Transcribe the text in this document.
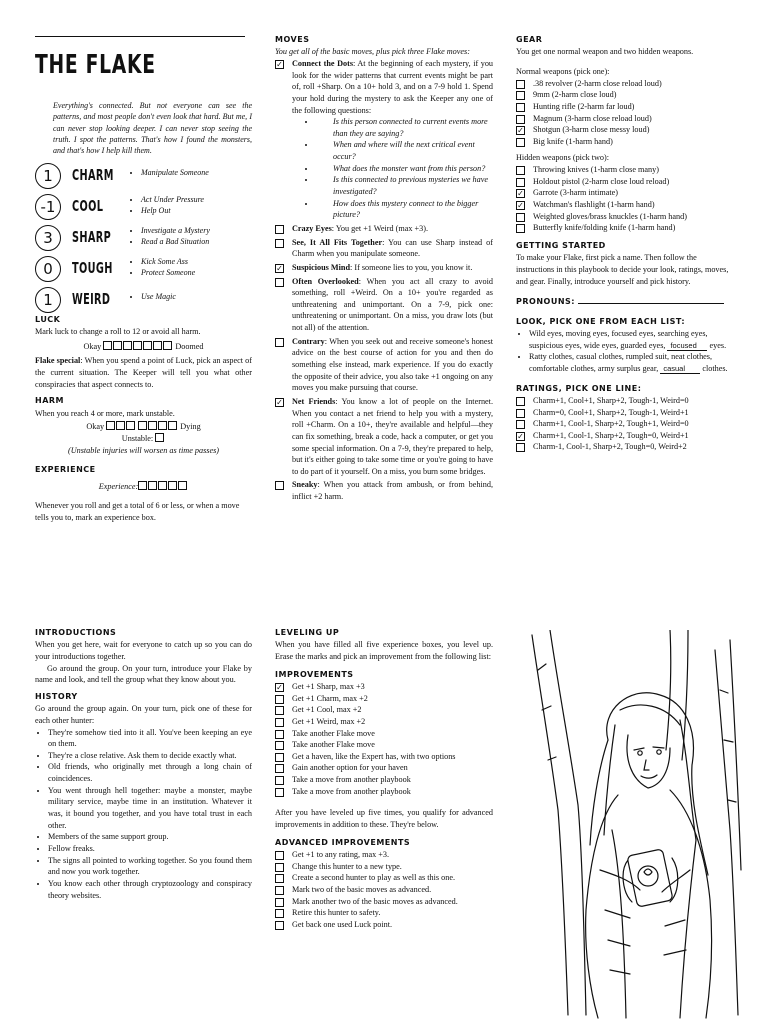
THE FLAKE

Everything's connected. But not everyone can see the patterns, and most people don't even look that hard. But me, I can never stop looking deeper. I can never stop seeing the truth. I spot the patterns. That's how I found the monsters, and that's how I help kill them.

1	CHARM	• Manipulate Someone
-1	COOL	• Act Under Pressure
• Help Out
3	SHARP	• Investigate a Mystery
• Read a Bad Situation
0	TOUGH	• Kick Some Ass
• Protect Someone
1	WEIRD	• Use Magic
LUCK

Mark luck to change a roll to 12 or avoid all harm.

Okay	Doomed

Flake special: When you spend a point of Luck, pick an aspect of the current situation. The Keeper will tell you what other conspiracies that aspect connects to.

HARM

When you reach 4 or more, mark unstable.

Okay	Dying

Unstable:

(Unstable injuries will worsen as time passes)

EXPERIENCE

Experience:

Whenever you roll and get a total of 6 or less, or when a move tells you to, mark an experience box.

MOVES

You get all of the basic moves, plus pick three Flake moves:

✓ Connect the Dots: At the beginning of each mystery, if you look for the wider patterns that current events might be part of, roll +Sharp. On a 10+ hold 3, and on a 7-9 hold 1. Spend your hold during the mystery to ask the Keeper any one of the following questions:
• Is this person connected to current events more than they are saying?
• When and where will the next critical event occur?
• What does the monster want from this person?
• Is this connected to previous mysteries we have investigated?
• How does this mystery connect to the bigger picture?
Crazy Eyes: You get +1 Weird (max +3).
See, It All Fits Together: You can use Sharp instead of Charm when you manipulate someone.
✓ Suspicious Mind: If someone lies to you, you know it.
Often Overlooked: When you act all crazy to avoid something, roll +Weird. On a 10+ you're regarded as unthreatening and unimportant. On a 7-9, pick one: unthreatening or unimportant. On a miss, you draw lots (but not all) of the attention.
Contrary: When you seek out and receive someone's honest advice on the best course of action for you and then do something else instead, mark experience. If you do exactly the opposite of their advice, you also take +1 ongoing on any moves you make pursuing that course.
✓ Net Friends: You know a lot of people on the Internet. When you contact a net friend to help you with a mystery, roll +Charm. On a 10+, they're available and helpful—they can fix something, break a code, hack a computer, or get you some special information. On a 7-9, they're prepared to help, but it's either going to take some time or you're going to have to do part of it yourself. On a miss, you burn some bridges.
Sneaky: When you attack from ambush, or from behind, inflict +2 harm.
GEAR

You get one normal weapon and two hidden weapons.

Normal weapons (pick one):

.38 revolver (2-harm close reload loud)
9mm (2-harm close loud)
Hunting rifle (2-harm far loud)
Magnum (3-harm close reload loud)
✓ Shotgun (3-harm close messy loud)
Big knife (1-harm hand)

Hidden weapons (pick two):

Throwing knives (1-harm close many)
Holdout pistol (2-harm close loud reload)
✓ Garrote (3-harm intimate)
✓ Watchman's flashlight (1-harm hand)
Weighted gloves/brass knuckles (1-harm hand)
Butterfly knife/folding knife (1-harm hand)
GETTING STARTED

To make your Flake, first pick a name. Then follow the instructions in this playbook to decide your look, ratings, moves, and gear. Finally, introduce yourself and pick history.

PRONOUNS:
LOOK, PICK ONE FROM EACH LIST:
• Wild eyes, moving eyes, focused eyes, searching eyes, suspicious eyes, wide eyes, guarded eyes, focused eyes.
• Ratty clothes, casual clothes, rumpled suit, neat clothes, comfortable clothes, army surplus gear, casual clothes.
RATINGS, PICK ONE LINE:
Charm+1, Cool+1, Sharp+2, Tough-1, Weird=0
Charm=0, Cool+1, Sharp+2, Tough-1, Weird+1
Charm+1, Cool-1, Sharp+2, Tough+1, Weird=0
✓ Charm+1, Cool-1, Sharp+2, Tough=0, Weird+1
Charm-1, Cool-1, Sharp+2, Tough=0, Weird+2
INTRODUCTIONS

When you get here, wait for everyone to catch up so you can do your introductions together.

Go around the group. On your turn, introduce your Flake by name and look, and tell the group what they know about you.

HISTORY

Go around the group again. On your turn, pick one of these for each other hunter:

• They're somehow tied into it all. You've been keeping an eye on them.
• They're a close relative. Ask them to decide exactly what.
• Old friends, who originally met through a long chain of coincidences.
• You went through hell together: maybe a monster, maybe military service, maybe time in an institution. Whatever it was, it bound you together, and you have total trust in each other.
• Members of the same support group.
• Fellow freaks.
• The signs all pointed to working together. So you found them and now you work together.
• You know each other through cryptozoology and conspiracy theory websites.
LEVELING UP

When you have filled all five experience boxes, you level up. Erase the marks and pick an improvement from the following list:

IMPROVEMENTS
✓ Get +1 Sharp, max +3
Get +1 Charm, max +2
Get +1 Cool, max +2
Get +1 Weird, max +2
Take another Flake move
Take another Flake move
Get a haven, like the Expert has, with two options
Gain another option for your haven
Take a move from another playbook
Take a move from another playbook

After you have leveled up five times, you qualify for advanced improvements in addition to these. They're below.

ADVANCED IMPROVEMENTS
Get +1 to any rating, max +3.
Change this hunter to a new type.
Create a second hunter to play as well as this one.
Mark two of the basic moves as advanced.
Mark another two of the basic moves as advanced.
Retire this hunter to safety.
Get back one used Luck point.
